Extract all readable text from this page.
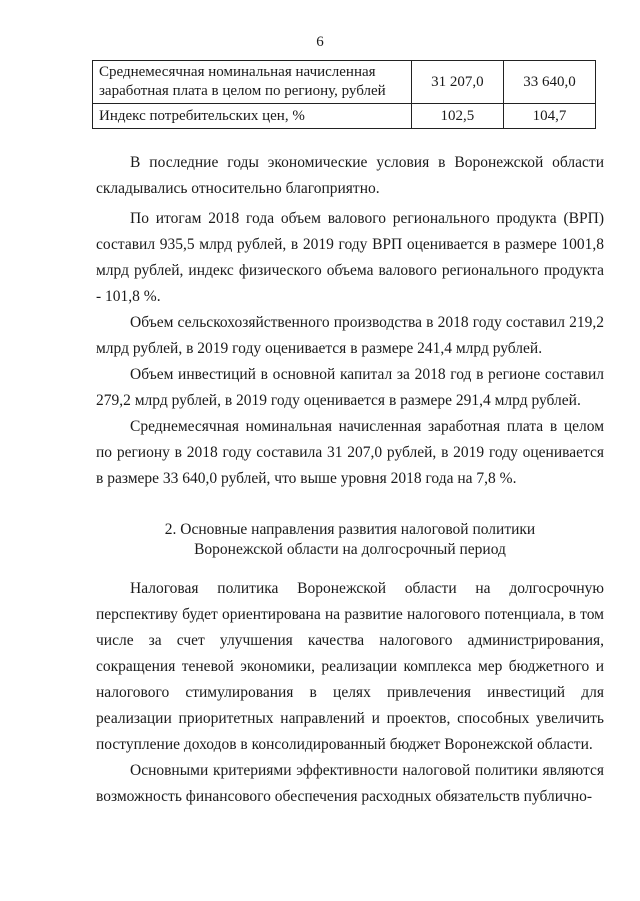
6
Среднемесячная номинальная начисленная заработная плата в целом по региону, рублей	31 207,0	33 640,0
Индекс потребительских цен, %	102,5	104,7

В последние годы экономические условия в Воронежской области складывались относительно благоприятно.

По итогам 2018 года объем валового регионального продукта (ВРП) составил 935,5 млрд рублей, в 2019 году ВРП оценивается в размере 1001,8 млрд рублей, индекс физического объема валового регионального продукта - 101,8 %.

Объем сельскохозяйственного производства в 2018 году составил 219,2 млрд рублей, в 2019 году оценивается в размере 241,4 млрд рублей.

Объем инвестиций в основной капитал за 2018 год в регионе составил 279,2 млрд рублей, в 2019 году оценивается в размере 291,4 млрд рублей.

Среднемесячная номинальная начисленная заработная плата в целом по региону в 2018 году составила 31 207,0 рублей, в 2019 году оценивается в размере 33 640,0 рублей, что выше уровня 2018 года на 7,8 %.

2. Основные направления развития налоговой политики
Воронежской области на долгосрочный период

Налоговая политика Воронежской области на долгосрочную перспективу будет ориентирована на развитие налогового потенциала, в том числе за счет улучшения качества налогового администрирования, сокращения теневой экономики, реализации комплекса мер бюджетного и налогового стимулирования в целях привлечения инвестиций для реализации приоритетных направлений и проектов, способных увеличить поступление доходов в консолидированный бюджет Воронежской области.

Основными критериями эффективности налоговой политики являются возможность финансового обеспечения расходных обязательств публично-
